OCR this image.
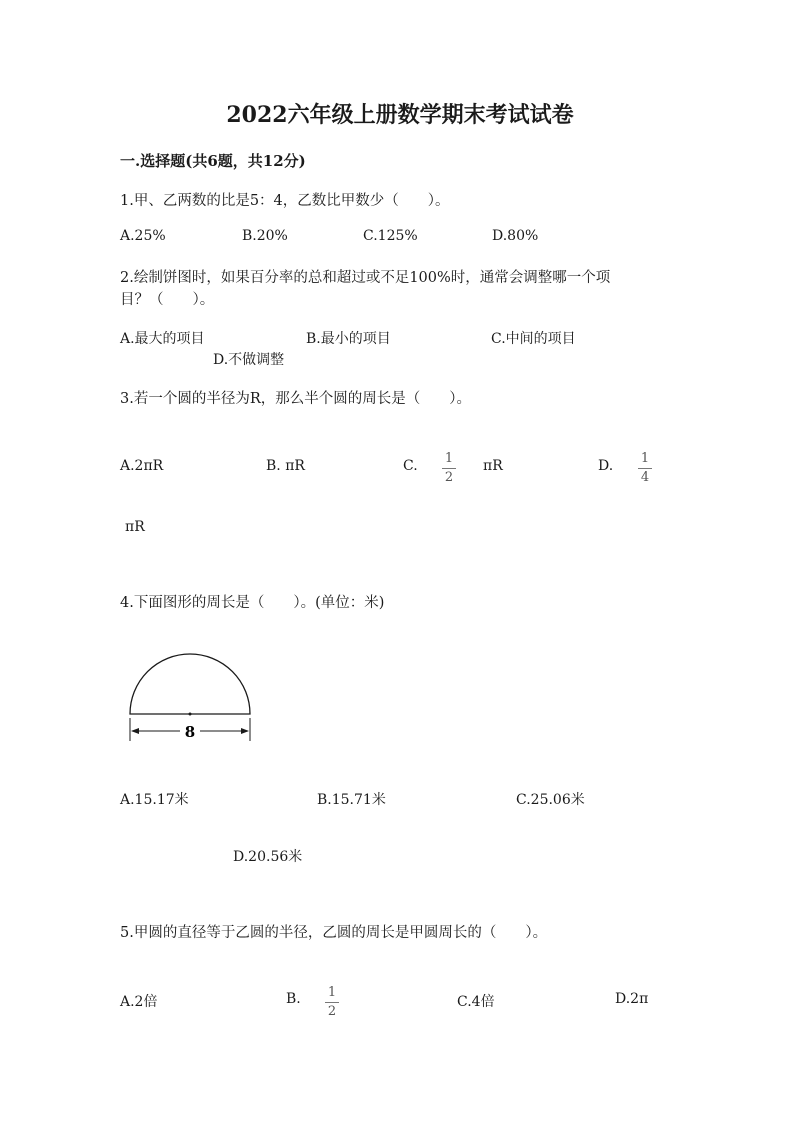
2022六年级上册数学期末考试试卷
一.选择题(共6题，共12分)
1.甲、乙两数的比是5：4，乙数比甲数少（　　）。
A.25%	B.20%	C.125%	D.80%
2.绘制饼图时，如果百分率的总和超过或不足100%时，通常会调整哪一个项
目？（　　）。
A.最大的项目	B.最小的项目	C.中间的项目
D.不做调整
3.若一个圆的半径为R，那么半个圆的周长是（　　）。
A.2πR	B. πR	C.	1
2
πR	D.	1
4
πR
4.下面图形的周长是（　　）。(单位：米)
8
A.15.17米	B.15.71米	C.25.06米
D.20.56米
5.甲圆的直径等于乙圆的半径，乙圆的周长是甲圆周长的（　　）。
A.2倍	B.	1
2
C.4倍	D.2π
